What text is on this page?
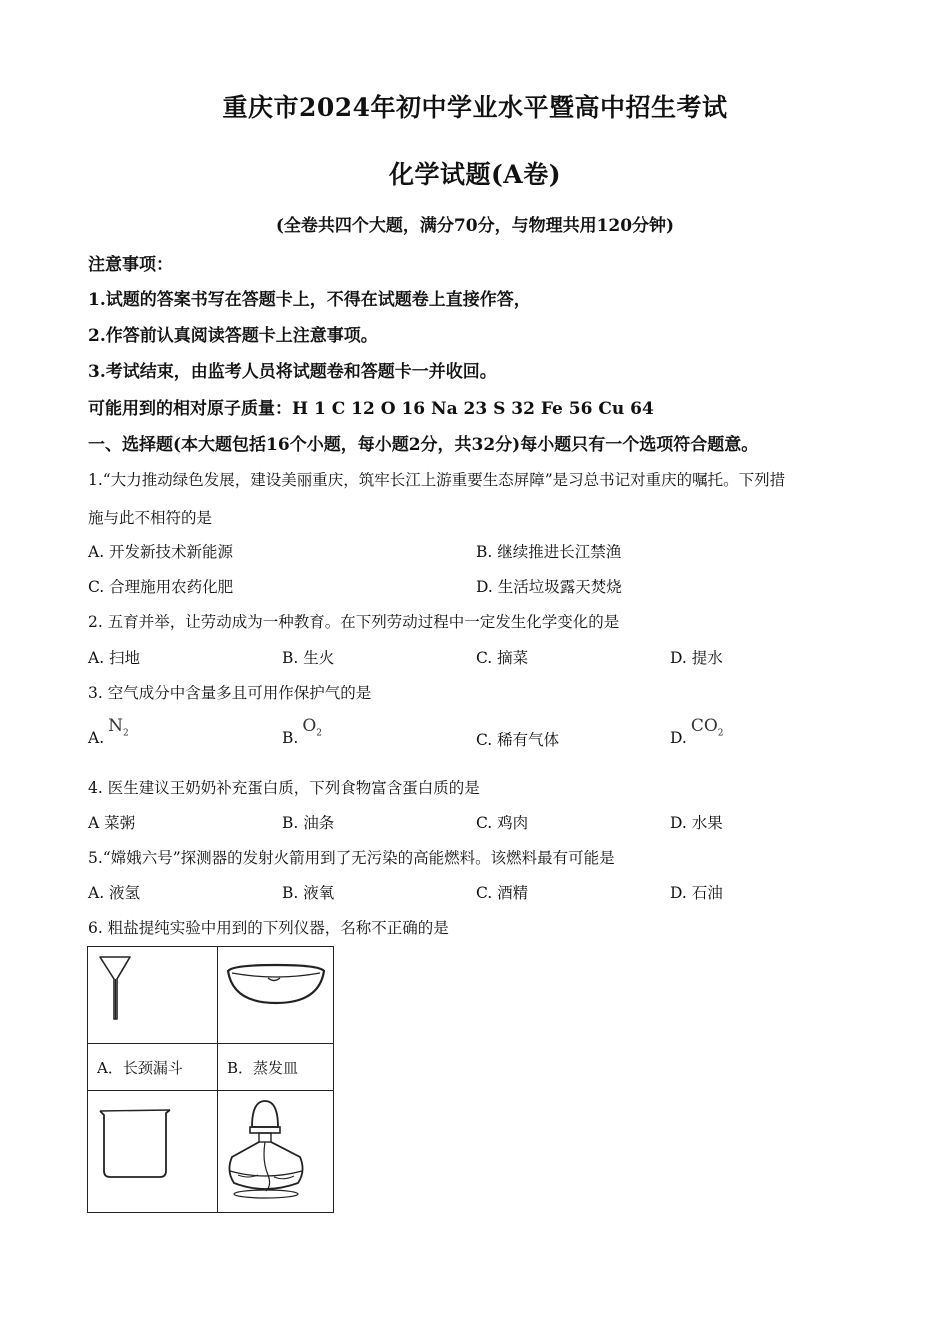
重庆市2024年初中学业水平暨高中招生考试
化学试题(A卷)
(全卷共四个大题，满分70分，与物理共用120分钟)
注意事项：
1.试题的答案书写在答题卡上，不得在试题卷上直接作答，
2.作答前认真阅读答题卡上注意事项。
3.考试结束，由监考人员将试题卷和答题卡一并收回。
可能用到的相对原子质量：H 1 C 12 O 16 Na 23 S 32 Fe 56 Cu 64
一、选择题(本大题包括16个小题，每小题2分，共32分)每小题只有一个选项符合题意。
1.“大力推动绿色发展，建设美丽重庆，筑牢长江上游重要生态屏障”是习总书记对重庆的嘱托。下列措
施与此不相符的是
A. 开发新技术新能源	B. 继续推进长江禁渔
C. 合理施用农药化肥	D. 生活垃圾露天焚烧
2. 五育并举，让劳动成为一种教育。在下列劳动过程中一定发生化学变化的是
A. 扫地	B. 生火	C. 摘菜	D. 提水
3. 空气成分中含量多且可用作保护气的是
$A.N_2$	$B.O_2$	C. 稀有气体	$D.CO_2$
4. 医生建议王奶奶补充蛋白质，下列食物富含蛋白质的是
A 菜粥	B. 油条	C. 鸡肉	D. 水果
5.“嫦娥六号”探测器的发射火箭用到了无污染的高能燃料。该燃料最有可能是
A. 液氢	B. 液氧	C. 酒精	D. 石油
6. 粗盐提纯实验中用到的下列仪器，名称不正确的是

A．长颈漏斗	B．蒸发皿
